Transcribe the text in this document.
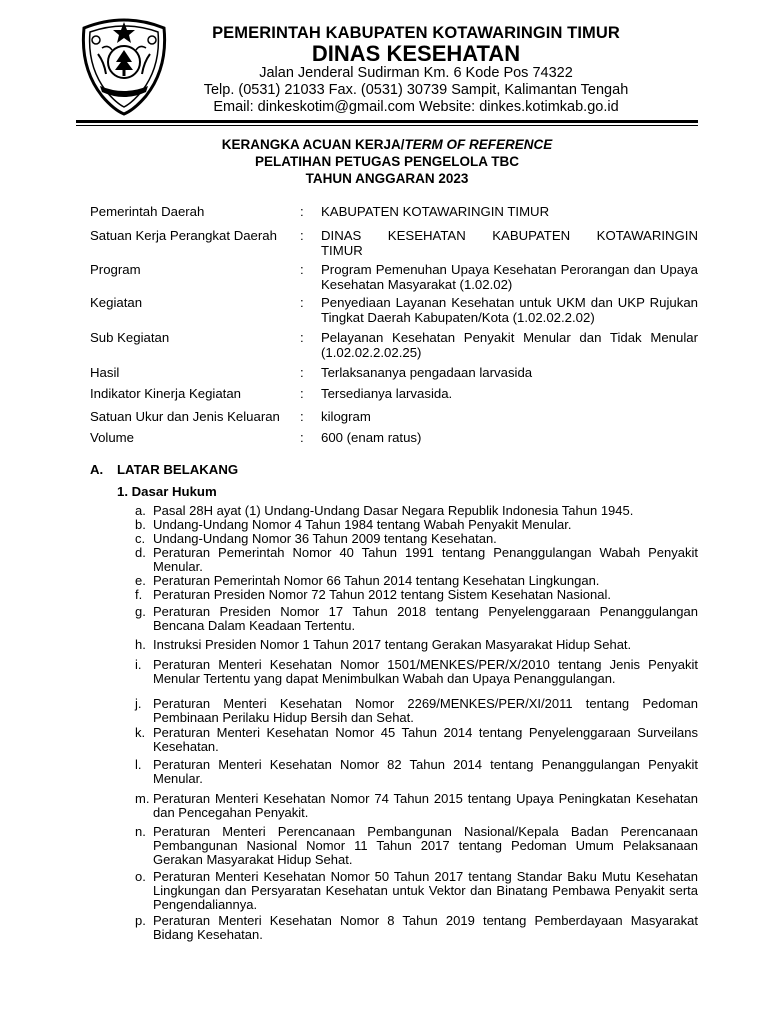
PEMERINTAH KABUPATEN KOTAWARINGIN TIMUR
DINAS KESEHATAN
Jalan Jenderal Sudirman Km. 6 Kode Pos 74322
Telp. (0531) 21033 Fax. (0531) 30739 Sampit, Kalimantan Tengah
Email: dinkeskotim@gmail.com Website: dinkes.kotimkab.go.id
KERANGKA ACUAN KERJA/TERM OF REFERENCE
PELATIHAN PETUGAS PENGELOLA TBC
TAHUN ANGGARAN 2023
Pemerintah Daerah	:	KABUPATEN KOTAWARINGIN TIMUR
Satuan Kerja Perangkat Daerah	:	DINAS KESEHATAN KABUPATEN KOTAWARINGIN
TIMUR
Program	:	Program Pemenuhan Upaya Kesehatan Perorangan dan Upaya Kesehatan Masyarakat (1.02.02)
Kegiatan	:	Penyediaan Layanan Kesehatan untuk UKM dan UKP Rujukan Tingkat Daerah Kabupaten/Kota (1.02.02.2.02)
Sub Kegiatan	:	Pelayanan Kesehatan Penyakit Menular dan Tidak Menular (1.02.02.2.02.25)
Hasil	:	Terlaksananya pengadaan larvasida
Indikator Kinerja Kegiatan	:	Tersedianya larvasida.
Satuan Ukur dan Jenis Keluaran	:	kilogram
Volume	:	600 (enam ratus)
A. LATAR BELAKANG
1. Dasar Hukum
a. Pasal 28H ayat (1) Undang-Undang Dasar Negara Republik Indonesia Tahun 1945.
b. Undang-Undang Nomor 4 Tahun 1984 tentang Wabah Penyakit Menular.
c. Undang-Undang Nomor 36 Tahun 2009 tentang Kesehatan.
d. Peraturan Pemerintah Nomor 40 Tahun 1991 tentang Penanggulangan Wabah Penyakit Menular.
e. Peraturan Pemerintah Nomor 66 Tahun 2014 tentang Kesehatan Lingkungan.
f. Peraturan Presiden Nomor 72 Tahun 2012 tentang Sistem Kesehatan Nasional.
g. Peraturan Presiden Nomor 17 Tahun 2018 tentang Penyelenggaraan Penanggulangan Bencana Dalam Keadaan Tertentu.
h. Instruksi Presiden Nomor 1 Tahun 2017 tentang Gerakan Masyarakat Hidup Sehat.
i. Peraturan Menteri Kesehatan Nomor 1501/MENKES/PER/X/2010 tentang Jenis Penyakit Menular Tertentu yang dapat Menimbulkan Wabah dan Upaya Penanggulangan.
j. Peraturan Menteri Kesehatan Nomor 2269/MENKES/PER/XI/2011 tentang Pedoman Pembinaan Perilaku Hidup Bersih dan Sehat.
k. Peraturan Menteri Kesehatan Nomor 45 Tahun 2014 tentang Penyelenggaraan Surveilans Kesehatan.
l. Peraturan Menteri Kesehatan Nomor 82 Tahun 2014 tentang Penanggulangan Penyakit Menular.
m. Peraturan Menteri Kesehatan Nomor 74 Tahun 2015 tentang Upaya Peningkatan Kesehatan dan Pencegahan Penyakit.
n. Peraturan Menteri Perencanaan Pembangunan Nasional/Kepala Badan Perencanaan Pembangunan Nasional Nomor 11 Tahun 2017 tentang Pedoman Umum Pelaksanaan Gerakan Masyarakat Hidup Sehat.
o. Peraturan Menteri Kesehatan Nomor 50 Tahun 2017 tentang Standar Baku Mutu Kesehatan Lingkungan dan Persyaratan Kesehatan untuk Vektor dan Binatang Pembawa Penyakit serta Pengendaliannya.
p. Peraturan Menteri Kesehatan Nomor 8 Tahun 2019 tentang Pemberdayaan Masyarakat Bidang Kesehatan.
